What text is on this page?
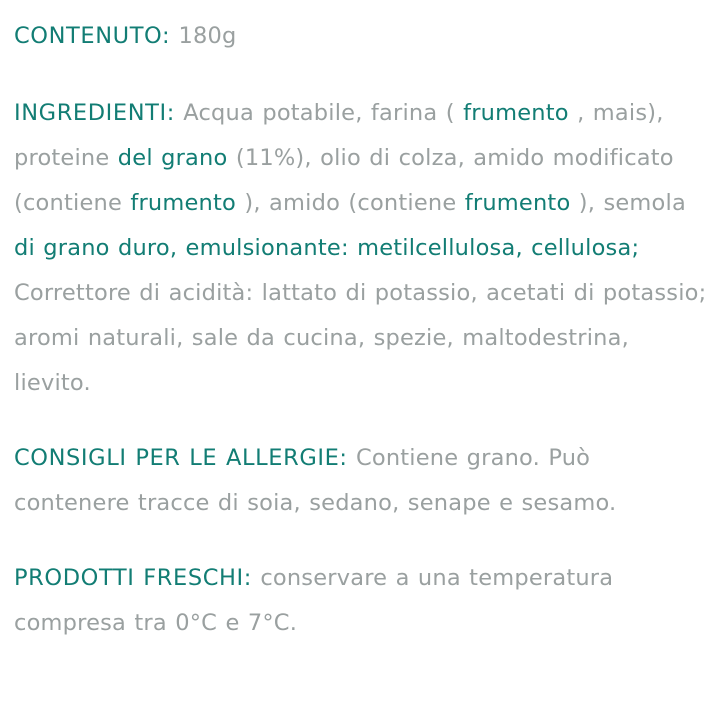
CONTENUTO: 180g

INGREDIENTI: Acqua potabile, farina ( frumento , mais), proteine del grano (11%), olio di colza, amido modificato (contiene frumento ), amido (contiene frumento ), semola di grano duro, emulsionante: metilcellulosa, cellulosa; Correttore di acidità: lattato di potassio, acetati di potassio; aromi naturali, sale da cucina, spezie, maltodestrina, lievito.

CONSIGLI PER LE ALLERGIE: Contiene grano. Può contenere tracce di soia, sedano, senape e sesamo.

PRODOTTI FRESCHI: conservare a una temperatura compresa tra 0°C e 7°C.
